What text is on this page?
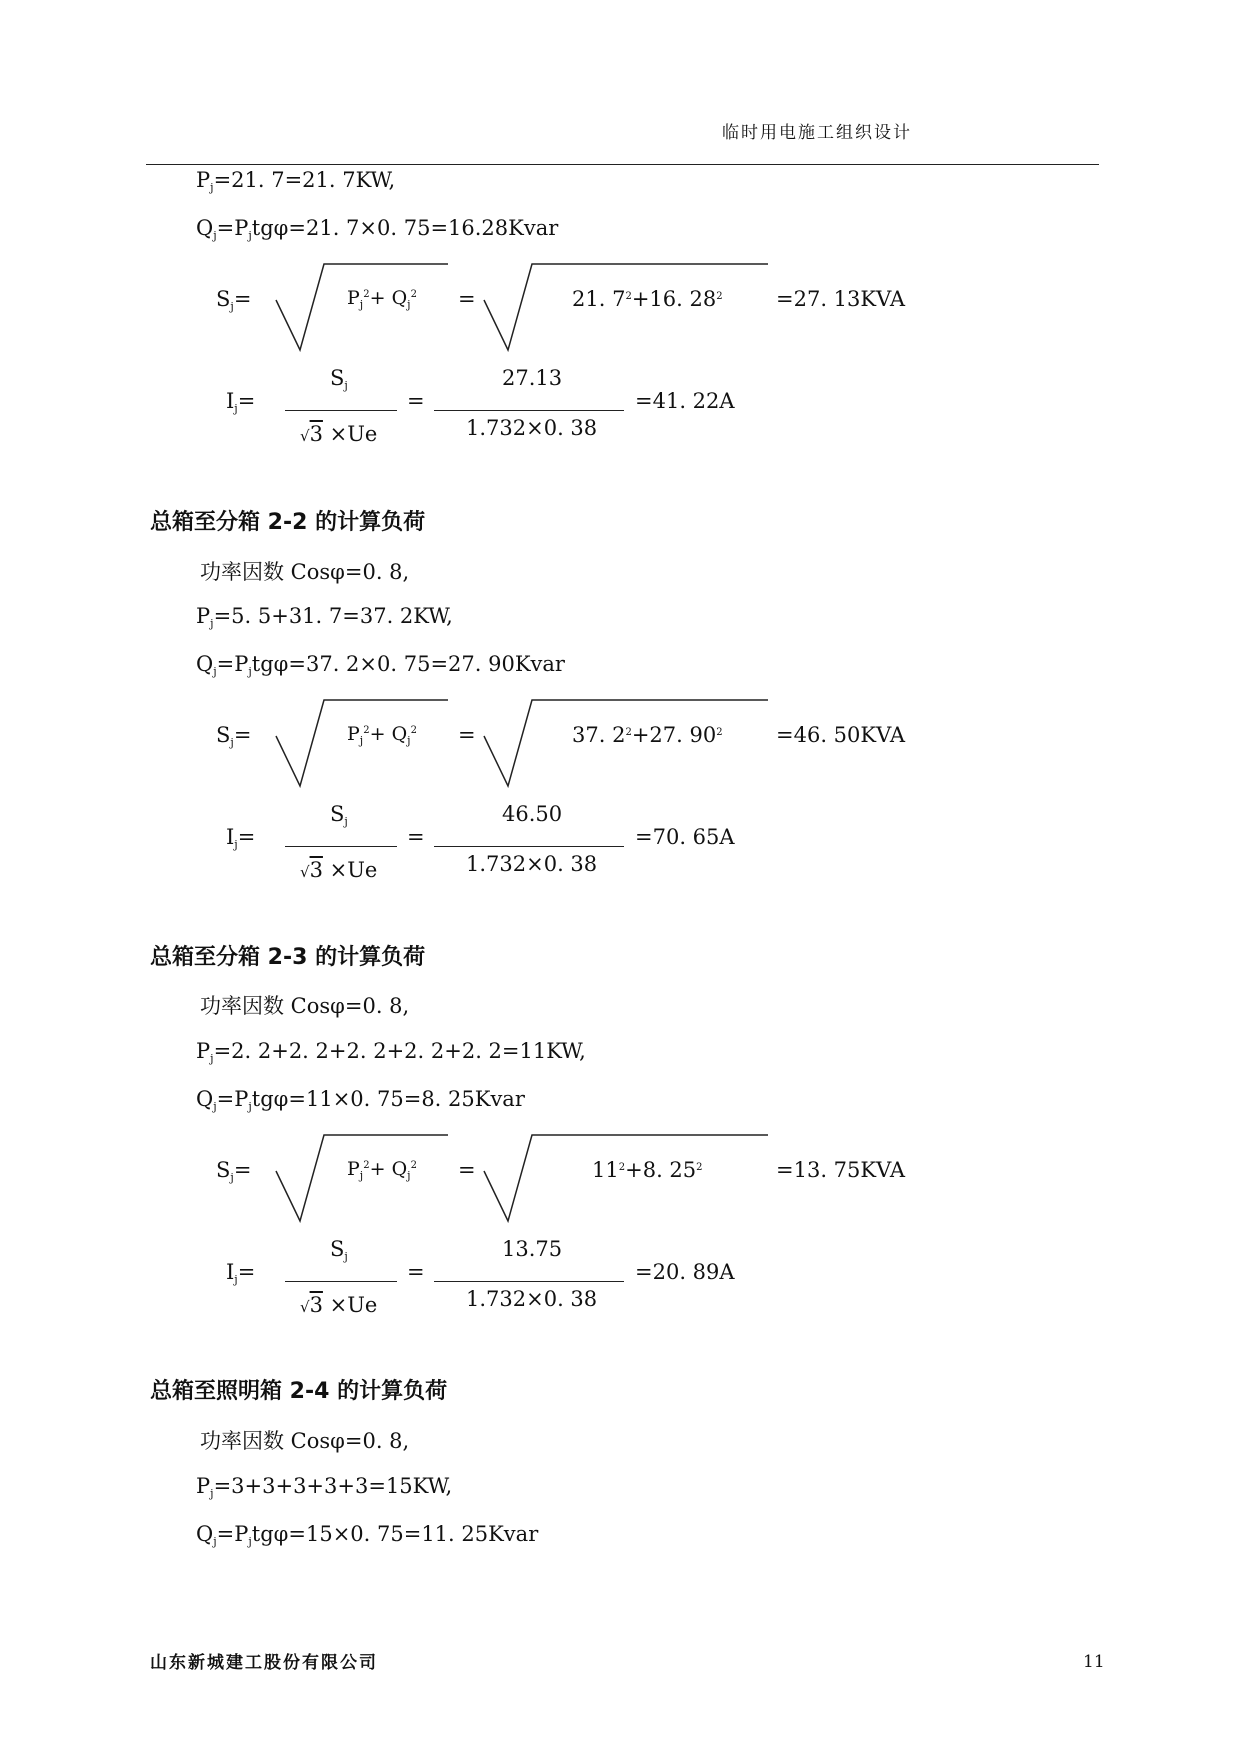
临时用电施工组织设计
$P_j=21$. 7=21. 7KW,
$Q_j=P_jtg\varphi=21$. 7×0. 75=16.28Kvar
$S_j=$	$P_j^2+ Q_j^2$ =	21. $7^2+16$. $28^2$	=27. 13KVA
$I_j=$
$S_j$
√3 ×Ue
=
27.13
1.732×0. 38
=41. 22A
总箱至分箱 2-2 的计算负荷
功率因数 Cosφ=0. 8,
$P_j=5$. 5+31. 7=37. 2KW,
$Q_j=P_jtg\varphi=37$. 2×0. 75=27. 90Kvar
$S_j=$	$P_j^2+ Q_j^2$ =	37. $2^2+27$. $90^2$	=46. 50KVA
$I_j=$
$S_j$
√3 ×Ue
=
46.50
1.732×0. 38
=70. 65A
总箱至分箱 2-3 的计算负荷
功率因数 Cosφ=0. 8,
$P_j=2$. 2+2. 2+2. 2+2. 2+2. 2=11KW,
$Q_j=P_jtg\varphi=11\times 0$. 75=8. 25Kvar
$S_j=$	$P_j^2+ Q_j^2$ =	$11^2+8$. $25^2$	=13. 75KVA
$I_j=$
$S_j$
√3 ×Ue
=
13.75
1.732×0. 38
=20. 89A
总箱至照明箱 2-4 的计算负荷
功率因数 Cosφ=0. 8,
$P_j=3+3+3+3+3=15KW$,
$Q_j=P_jtg\varphi=15\times 0$. 75=11. 25Kvar
山东新城建工股份有限公司	11
